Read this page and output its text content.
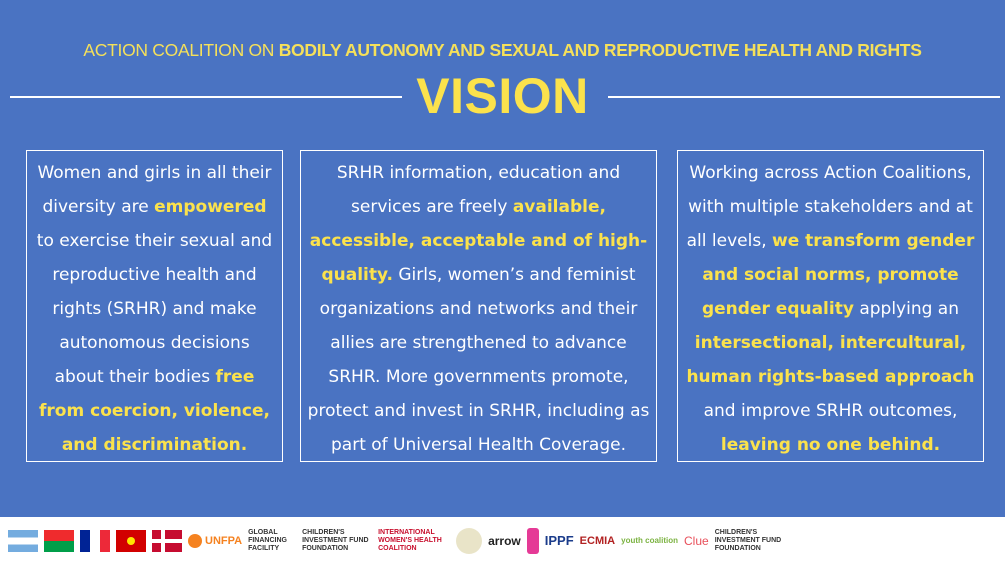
ACTION COALITION ON BODILY AUTONOMY AND SEXUAL AND REPRODUCTIVE HEALTH AND RIGHTS
VISION
Women and girls in all their diversity are empowered to exercise their sexual and reproductive health and rights (SRHR) and make autonomous decisions about their bodies free from coercion, violence, and discrimination.
SRHR information, education and services are freely available, accessible, acceptable and of high-quality. Girls, women’s and feminist organizations and networks and their allies are strengthened to advance SRHR. More governments promote, protect and invest in SRHR, including as part of Universal Health Coverage.
Working across Action Coalitions, with multiple stakeholders and at all levels, we transform gender and social norms, promote gender equality applying an intersectional, intercultural, human rights-based approach and improve SRHR outcomes, leaving no one behind.
UNFPA
GLOBAL FINANCING FACILITY
CHILDREN'S INVESTMENT FUND FOUNDATION
INTERNATIONAL WOMEN'S HEALTH COALITION
arrow IPPF ECMIA youth coalition Clue
CHILDREN'S INVESTMENT FUND FOUNDATION
